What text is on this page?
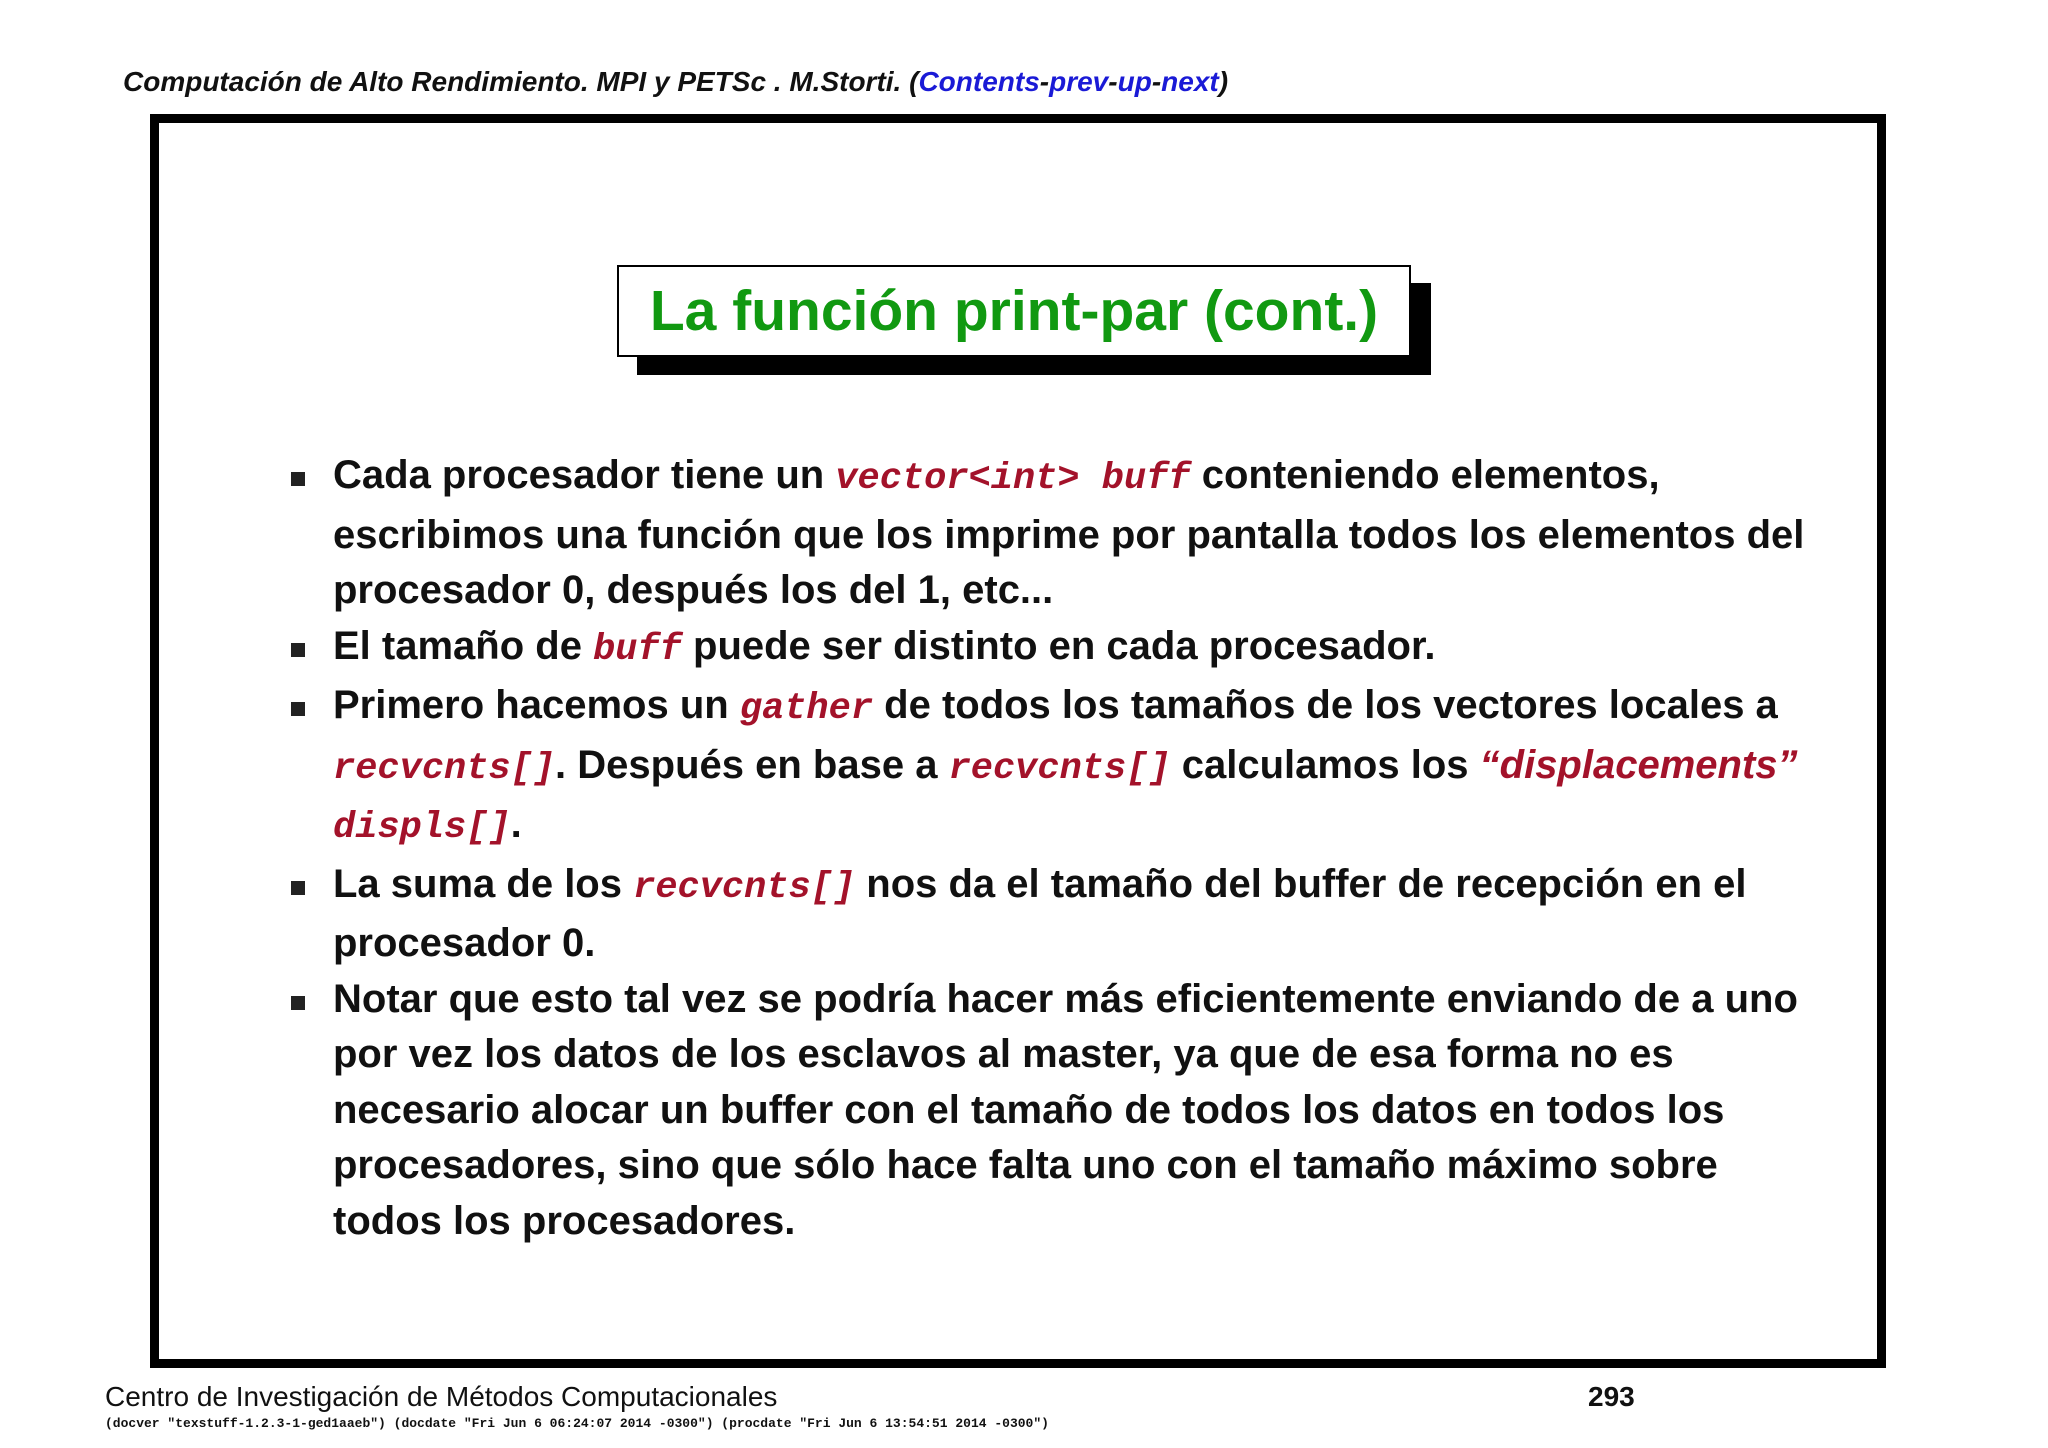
Computación de Alto Rendimiento. MPI y PETSc . M.Storti. (Contents-prev-up-next)
La función print-par (cont.)
Cada procesador tiene un vector<int> buff conteniendo elementos, escribimos una función que los imprime por pantalla todos los elementos del procesador 0, después los del 1, etc...
El tamaño de buff puede ser distinto en cada procesador.
Primero hacemos un gather de todos los tamaños de los vectores locales a recvcnts[]. Después en base a recvcnts[] calculamos los “displacements” displs[].
La suma de los recvcnts[] nos da el tamaño del buffer de recepción en el procesador 0.
Notar que esto tal vez se podría hacer más eficientemente enviando de a uno por vez los datos de los esclavos al master, ya que de esa forma no es necesario alocar un buffer con el tamaño de todos los datos en todos los procesadores, sino que sólo hace falta uno con el tamaño máximo sobre todos los procesadores.
Centro de Investigación de Métodos Computacionales	293
(docver "texstuff-1.2.3-1-ged1aaeb") (docdate "Fri Jun 6 06:24:07 2014 -0300") (procdate "Fri Jun 6 13:54:51 2014 -0300")
